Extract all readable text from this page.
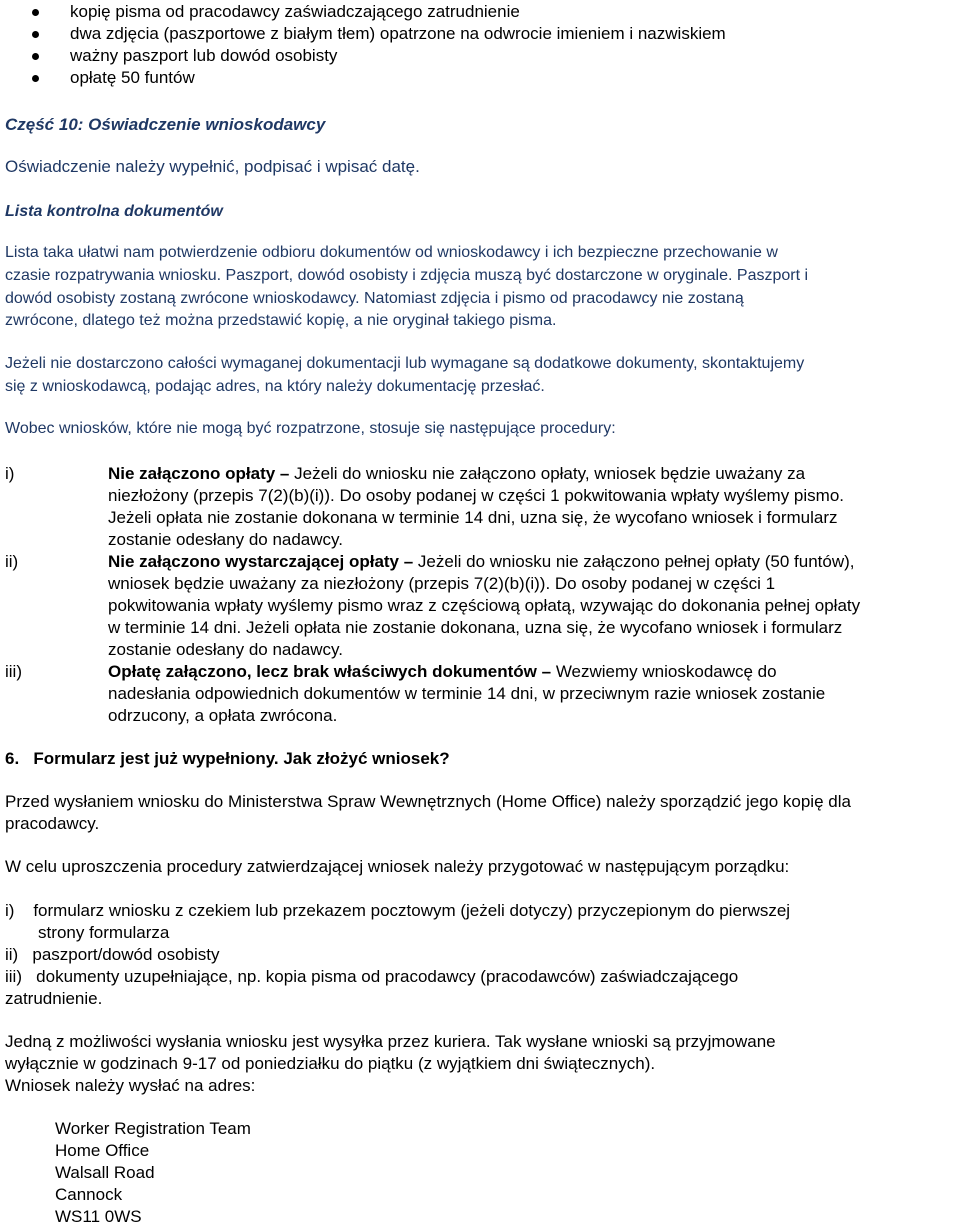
kopię pisma od pracodawcy zaświadczającego zatrudnienie
dwa zdjęcia (paszportowe z białym tłem) opatrzone na odwrocie imieniem i nazwiskiem
ważny paszport lub dowód osobisty
opłatę 50 funtów
Część 10: Oświadczenie wnioskodawcy
Oświadczenie należy wypełnić, podpisać i wpisać datę.
Lista kontrolna dokumentów
Lista taka ułatwi nam potwierdzenie odbioru dokumentów od wnioskodawcy i ich bezpieczne przechowanie w
czasie rozpatrywania wniosku. Paszport, dowód osobisty i zdjęcia muszą być dostarczone w oryginale. Paszport i
dowód osobisty zostaną zwrócone wnioskodawcy. Natomiast zdjęcia i pismo od pracodawcy nie zostaną
zwrócone, dlatego też można przedstawić kopię, a nie oryginał takiego pisma.
Jeżeli nie dostarczono całości wymaganej dokumentacji lub wymagane są dodatkowe dokumenty, skontaktujemy
się z wnioskodawcą, podając adres, na który należy dokumentację przesłać.
Wobec wniosków, które nie mogą być rozpatrzone, stosuje się następujące procedury:
i)	Nie załączono opłaty – Jeżeli do wniosku nie załączono opłaty, wniosek będzie uważany za
niezłożony (przepis 7(2)(b)(i)). Do osoby podanej w części 1 pokwitowania wpłaty wyślemy pismo.
Jeżeli opłata nie zostanie dokonana w terminie 14 dni, uzna się, że wycofano wniosek i formularz
zostanie odesłany do nadawcy.
ii)	Nie załączono wystarczającej opłaty – Jeżeli do wniosku nie załączono pełnej opłaty (50 funtów),
wniosek będzie uważany za niezłożony (przepis 7(2)(b)(i)). Do osoby podanej w części 1
pokwitowania wpłaty wyślemy pismo wraz z częściową opłatą, wzywając do dokonania pełnej opłaty
w terminie 14 dni. Jeżeli opłata nie zostanie dokonana, uzna się, że wycofano wniosek i formularz
zostanie odesłany do nadawcy.
iii)	Opłatę załączono, lecz brak właściwych dokumentów – Wezwiemy wnioskodawcę do
nadesłania odpowiednich dokumentów w terminie 14 dni, w przeciwnym razie wniosek zostanie
odrzucony, a opłata zwrócona.
6.   Formularz jest już wypełniony. Jak złożyć wniosek?
Przed wysłaniem wniosku do Ministerstwa Spraw Wewnętrznych (Home Office) należy sporządzić jego kopię dla
pracodawcy.
W celu uproszczenia procedury zatwierdzającej wniosek należy przygotować w następującym porządku:
i)    formularz wniosku z czekiem lub przekazem pocztowym (jeżeli dotyczy) przyczepionym do pierwszej
strony formularza
ii)   paszport/dowód osobisty
iii)   dokumenty uzupełniające, np. kopia pisma od pracodawcy (pracodawców) zaświadczającego
zatrudnienie.
Jedną z możliwości wysłania wniosku jest wysyłka przez kuriera. Tak wysłane wnioski są przyjmowane
wyłącznie w godzinach 9-17 od poniedziałku do piątku (z wyjątkiem dni świątecznych).
Wniosek należy wysłać na adres:
Worker Registration Team
Home Office
Walsall Road
Cannock
WS11 0WS
